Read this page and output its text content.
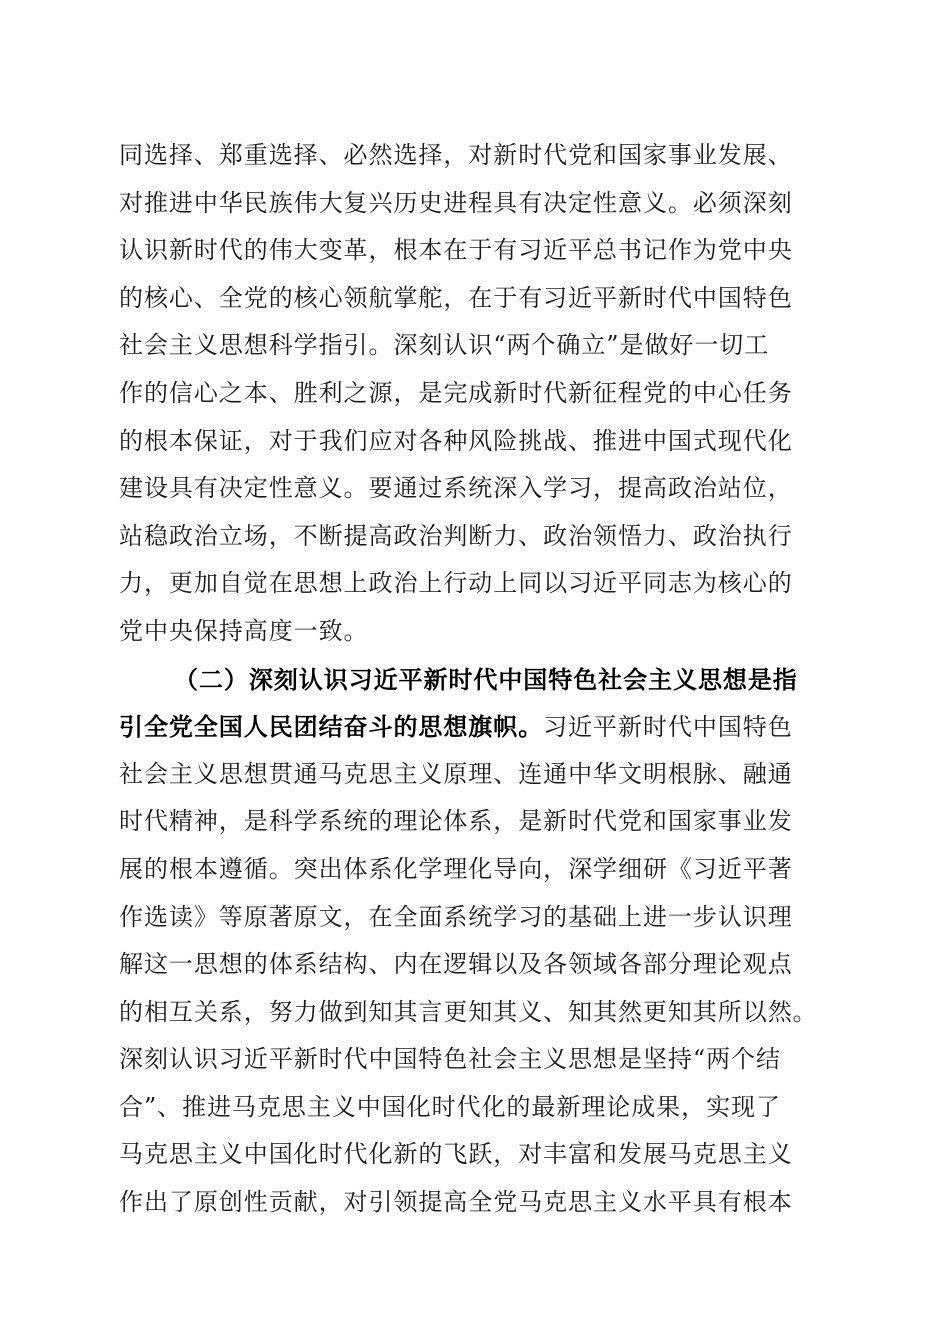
同选择、郑重选择、必然选择，对新时代党和国家事业发展、
对推进中华民族伟大复兴历史进程具有决定性意义。必须深刻
认识新时代的伟大变革，根本在于有习近平总书记作为党中央
的核心、全党的核心领航掌舵，在于有习近平新时代中国特色
社会主义思想科学指引。深刻认识“两个确立”是做好一切工
作的信心之本、胜利之源，是完成新时代新征程党的中心任务
的根本保证，对于我们应对各种风险挑战、推进中国式现代化
建设具有决定性意义。要通过系统深入学习，提高政治站位，
站稳政治立场，不断提高政治判断力、政治领悟力、政治执行
力，更加自觉在思想上政治上行动上同以习近平同志为核心的
党中央保持高度一致。
（二）深刻认识习近平新时代中国特色社会主义思想是指
引全党全国人民团结奋斗的思想旗帜。习近平新时代中国特色
社会主义思想贯通马克思主义原理、连通中华文明根脉、融通
时代精神，是科学系统的理论体系，是新时代党和国家事业发
展的根本遵循。突出体系化学理化导向，深学细研《习近平著
作选读》等原著原文，在全面系统学习的基础上进一步认识理
解这一思想的体系结构、内在逻辑以及各领域各部分理论观点
的相互关系，努力做到知其言更知其义、知其然更知其所以然。
深刻认识习近平新时代中国特色社会主义思想是坚持“两个结
合”、推进马克思主义中国化时代化的最新理论成果，实现了
马克思主义中国化时代化新的飞跃，对丰富和发展马克思主义
作出了原创性贡献，对引领提高全党马克思主义水平具有根本
